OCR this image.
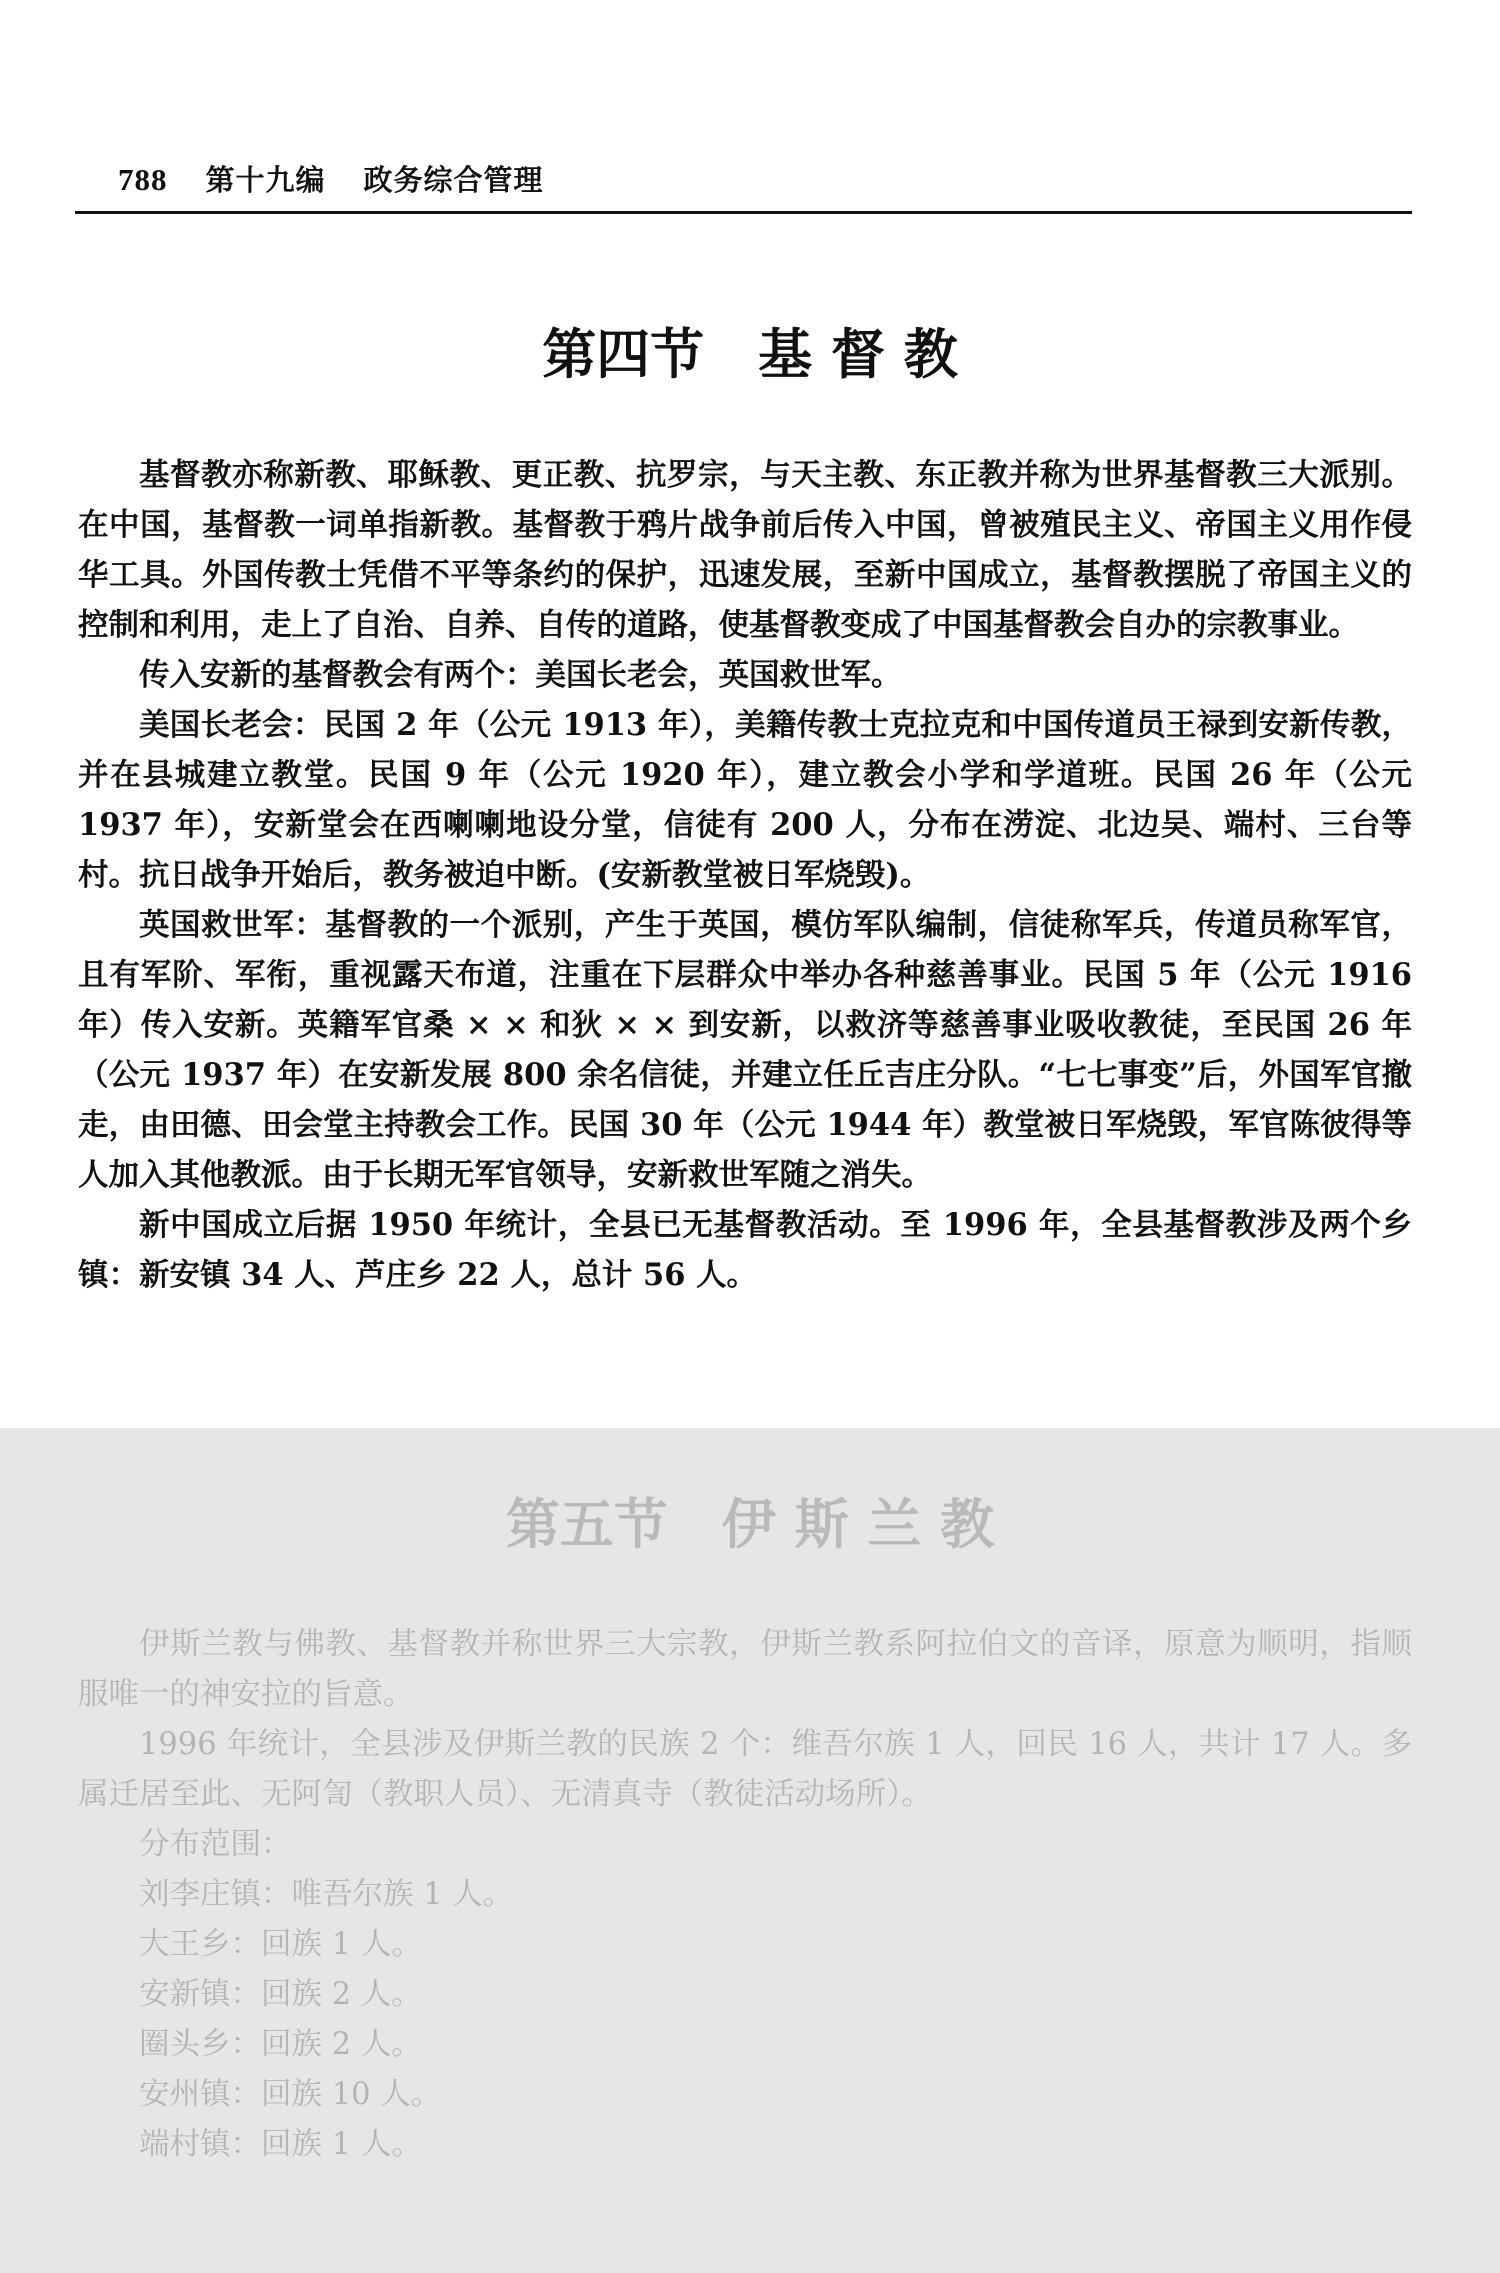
788 第十九编 政务综合管理
第四节　基 督 教

基督教亦称新教、耶稣教、更正教、抗罗宗，与天主教、东正教并称为世界基督教三大派别。在中国，基督教一词单指新教。基督教于鸦片战争前后传入中国，曾被殖民主义、帝国主义用作侵华工具。外国传教士凭借不平等条约的保护，迅速发展，至新中国成立，基督教摆脱了帝国主义的控制和利用，走上了自治、自养、自传的道路，使基督教变成了中国基督教会自办的宗教事业。

传入安新的基督教会有两个：美国长老会，英国救世军。

美国长老会：民国 2 年（公元 1913 年），美籍传教士克拉克和中国传道员王禄到安新传教，并在县城建立教堂。民国 9 年（公元 1920 年），建立教会小学和学道班。民国 26 年（公元 1937 年），安新堂会在西喇喇地设分堂，信徒有 200 人，分布在涝淀、北边吴、端村、三台等村。抗日战争开始后，教务被迫中断。(安新教堂被日军烧毁)。

英国救世军：基督教的一个派别，产生于英国，模仿军队编制，信徒称军兵，传道员称军官，且有军阶、军衔，重视露天布道，注重在下层群众中举办各种慈善事业。民国 5 年（公元 1916 年）传入安新。英籍军官桑 × × 和狄 × × 到安新，以救济等慈善事业吸收教徒，至民国 26 年（公元 1937 年）在安新发展 800 余名信徒，并建立任丘吉庄分队。“七七事变”后，外国军官撤走，由田德、田会堂主持教会工作。民国 30 年（公元 1944 年）教堂被日军烧毁，军官陈彼得等人加入其他教派。由于长期无军官领导，安新救世军随之消失。

新中国成立后据 1950 年统计，全县已无基督教活动。至 1996 年，全县基督教涉及两个乡镇：新安镇 34 人、芦庄乡 22 人，总计 56 人。

第五节　伊 斯 兰 教

伊斯兰教与佛教、基督教并称世界三大宗教，伊斯兰教系阿拉伯文的音译，原意为顺明，指顺服唯一的神安拉的旨意。

1996 年统计，全县涉及伊斯兰教的民族 2 个：维吾尔族 1 人，回民 16 人，共计 17 人。多属迁居至此、无阿訇（教职人员）、无清真寺（教徒活动场所）。

分布范围：

刘李庄镇：唯吾尔族 1 人。

大王乡：回族 1 人。

安新镇：回族 2 人。

圈头乡：回族 2 人。

安州镇：回族 10 人。

端村镇：回族 1 人。
